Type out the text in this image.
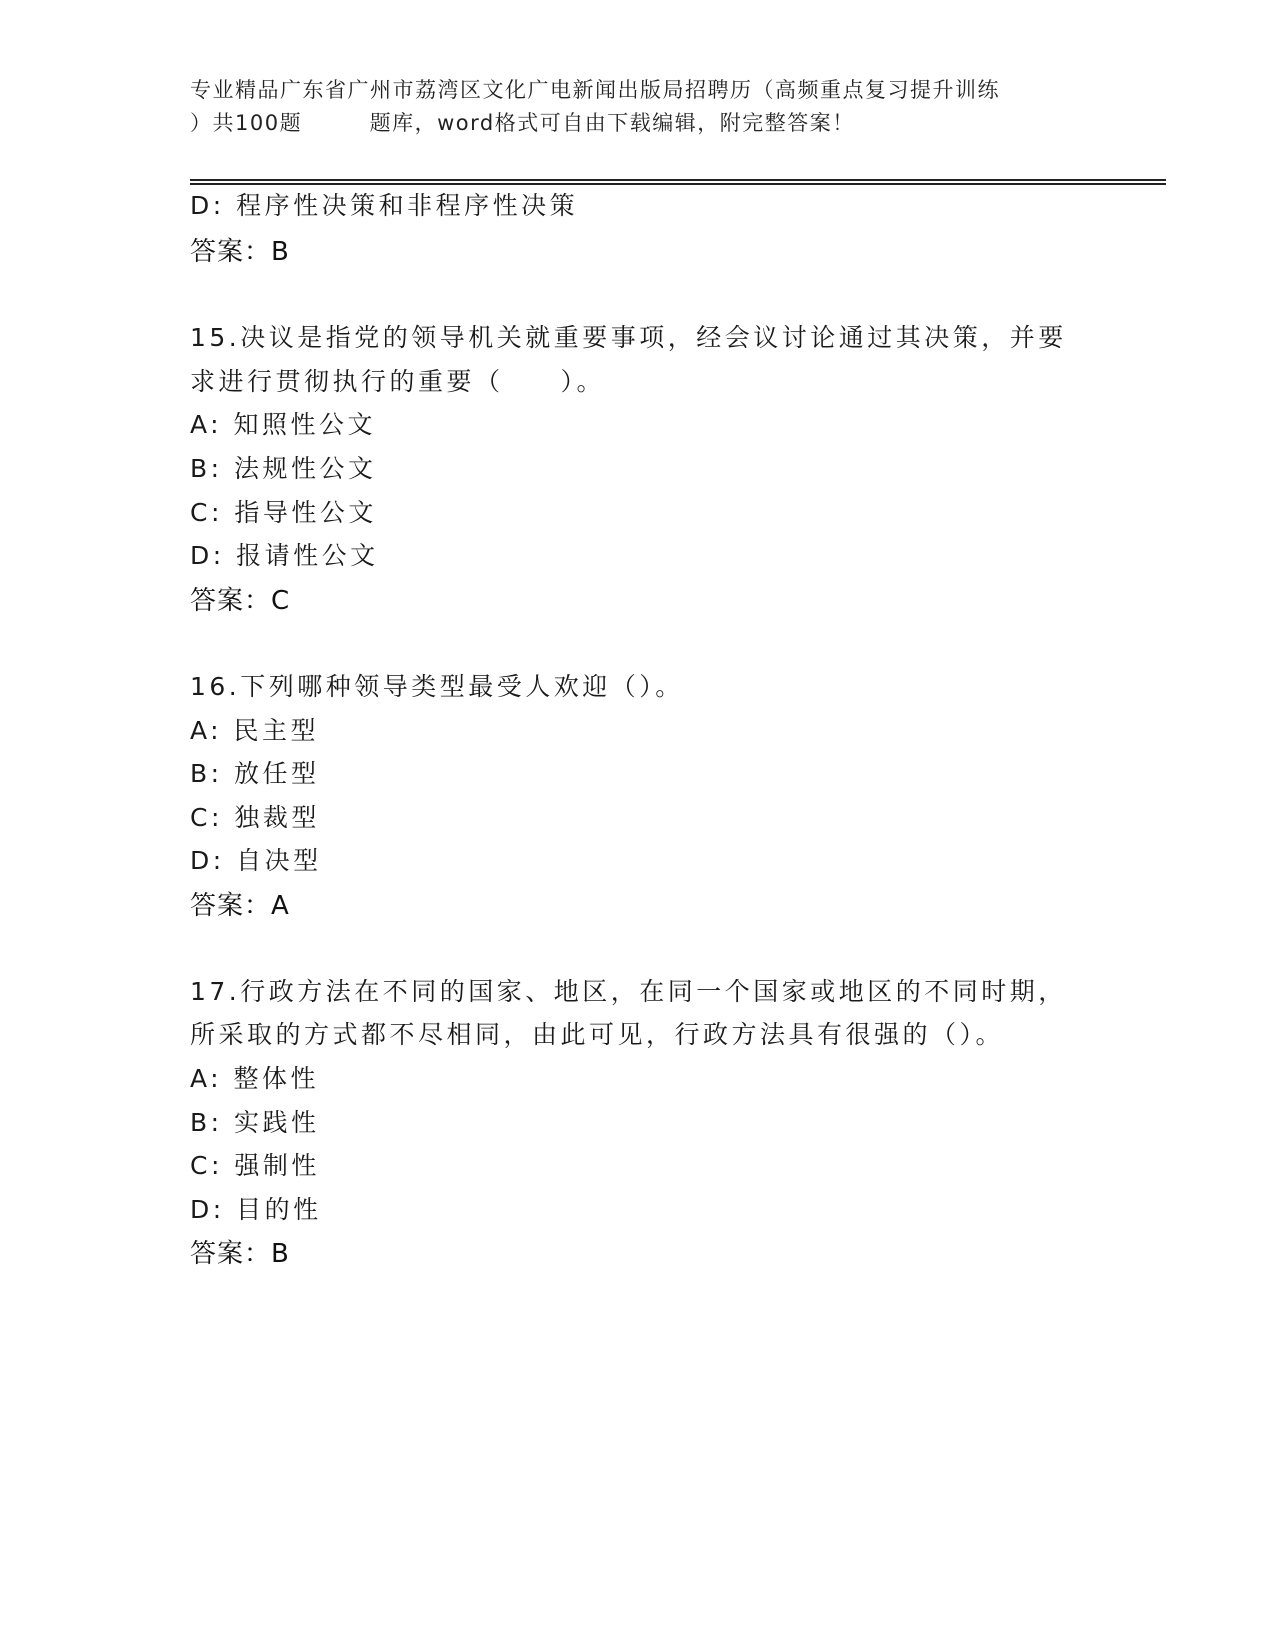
专业精品广东省广州市荔湾区文化广电新闻出版局招聘历（高频重点复习提升训练
）共100题　　　题库，word格式可自由下载编辑，附完整答案！
D: 程序性决策和非程序性决策
答案：B
15.决议是指党的领导机关就重要事项，经会议讨论通过其决策，并要
求进行贯彻执行的重要（　　）。
A: 知照性公文
B: 法规性公文
C: 指导性公文
D: 报请性公文
答案：C
16.下列哪种领导类型最受人欢迎（）。
A: 民主型
B: 放任型
C: 独裁型
D: 自决型
答案：A
17.行政方法在不同的国家、地区，在同一个国家或地区的不同时期，
所采取的方式都不尽相同，由此可见，行政方法具有很强的（）。
A: 整体性
B: 实践性
C: 强制性
D: 目的性
答案：B
